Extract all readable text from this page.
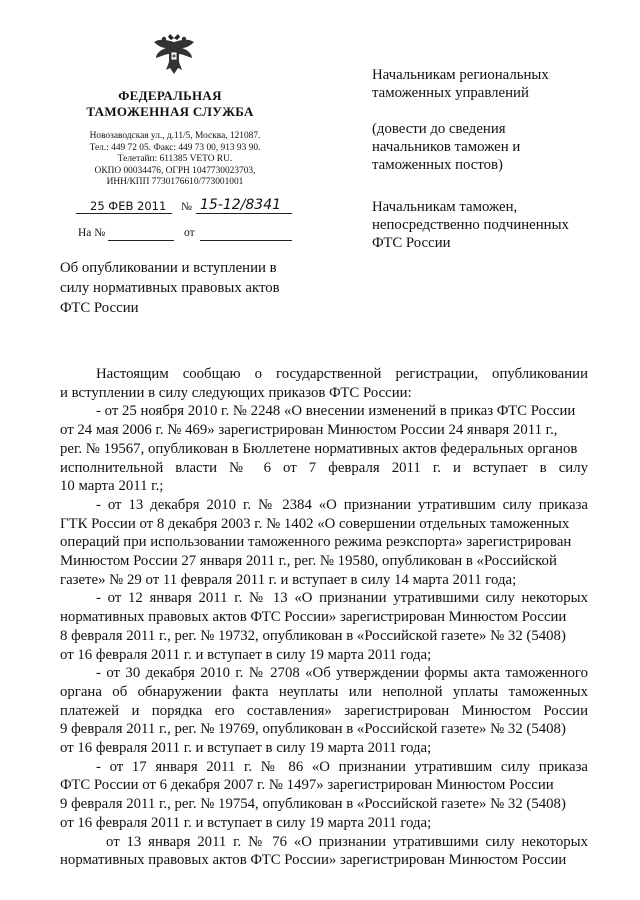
ФЕДЕРАЛЬНАЯ
ТАМОЖЕННАЯ СЛУЖБА
Новозаводская ул., д.11/5, Москва, 121087.
Тел.: 449 72 05. Факс: 449 73 00, 913 93 90.
Телетайп: 611385 VETO RU.
ОКПО 00034476, ОГРН 1047730023703,
ИНН/КПП 7730176610/773001001
25 ФЕВ 2011 № 15-12/8341
На №	от
Об опубликовании и вступлении в
силу нормативных правовых актов
ФТС России
Начальникам региональных
таможенных управлений
(довести до сведения
начальников таможен и
таможенных постов)
Начальникам таможен,
непосредственно подчиненных
ФТС России
Настоящим сообщаю о государственной регистрации, опубликовании
и вступлении в силу следующих приказов ФТС России:
- от 25 ноября 2010 г. № 2248 «О внесении изменений в приказ ФТС России
от 24 мая 2006 г. № 469» зарегистрирован Минюстом России 24 января 2011 г.,
рег. № 19567, опубликован в Бюллетене нормативных актов федеральных органов
исполнительной власти № 6 от 7 февраля 2011 г. и вступает в силу
10 марта 2011 г.;
- от 13 декабря 2010 г. № 2384 «О признании утратившим силу приказа
ГТК России от 8 декабря 2003 г. № 1402 «О совершении отдельных таможенных
операций при использовании таможенного режима реэкспорта» зарегистрирован
Минюстом России 27 января 2011 г., рег. № 19580, опубликован в «Российской
газете» № 29 от 11 февраля 2011 г. и вступает в силу 14 марта 2011 года;
- от 12 января 2011 г. № 13 «О признании утратившими силу некоторых
нормативных правовых актов ФТС России» зарегистрирован Минюстом России
8 февраля 2011 г., рег. № 19732, опубликован в «Российской газете» № 32 (5408)
от 16 февраля 2011 г. и вступает в силу 19 марта 2011 года;
- от 30 декабря 2010 г. № 2708 «Об утверждении формы акта таможенного
органа об обнаружении факта неуплаты или неполной уплаты таможенных
платежей и порядка его составления» зарегистрирован Минюстом России
9 февраля 2011 г., рег. № 19769, опубликован в «Российской газете» № 32 (5408)
от 16 февраля 2011 г. и вступает в силу 19 марта 2011 года;
- от 17 января 2011 г. № 86 «О признании утратившим силу приказа
ФТС России от 6 декабря 2007 г. № 1497» зарегистрирован Минюстом России
9 февраля 2011 г., рег. № 19754, опубликован в «Российской газете» № 32 (5408)
от 16 февраля 2011 г. и вступает в силу 19 марта 2011 года;
от 13 января 2011 г. № 76 «О признании утратившими силу некоторых
нормативных правовых актов ФТС России» зарегистрирован Минюстом России
